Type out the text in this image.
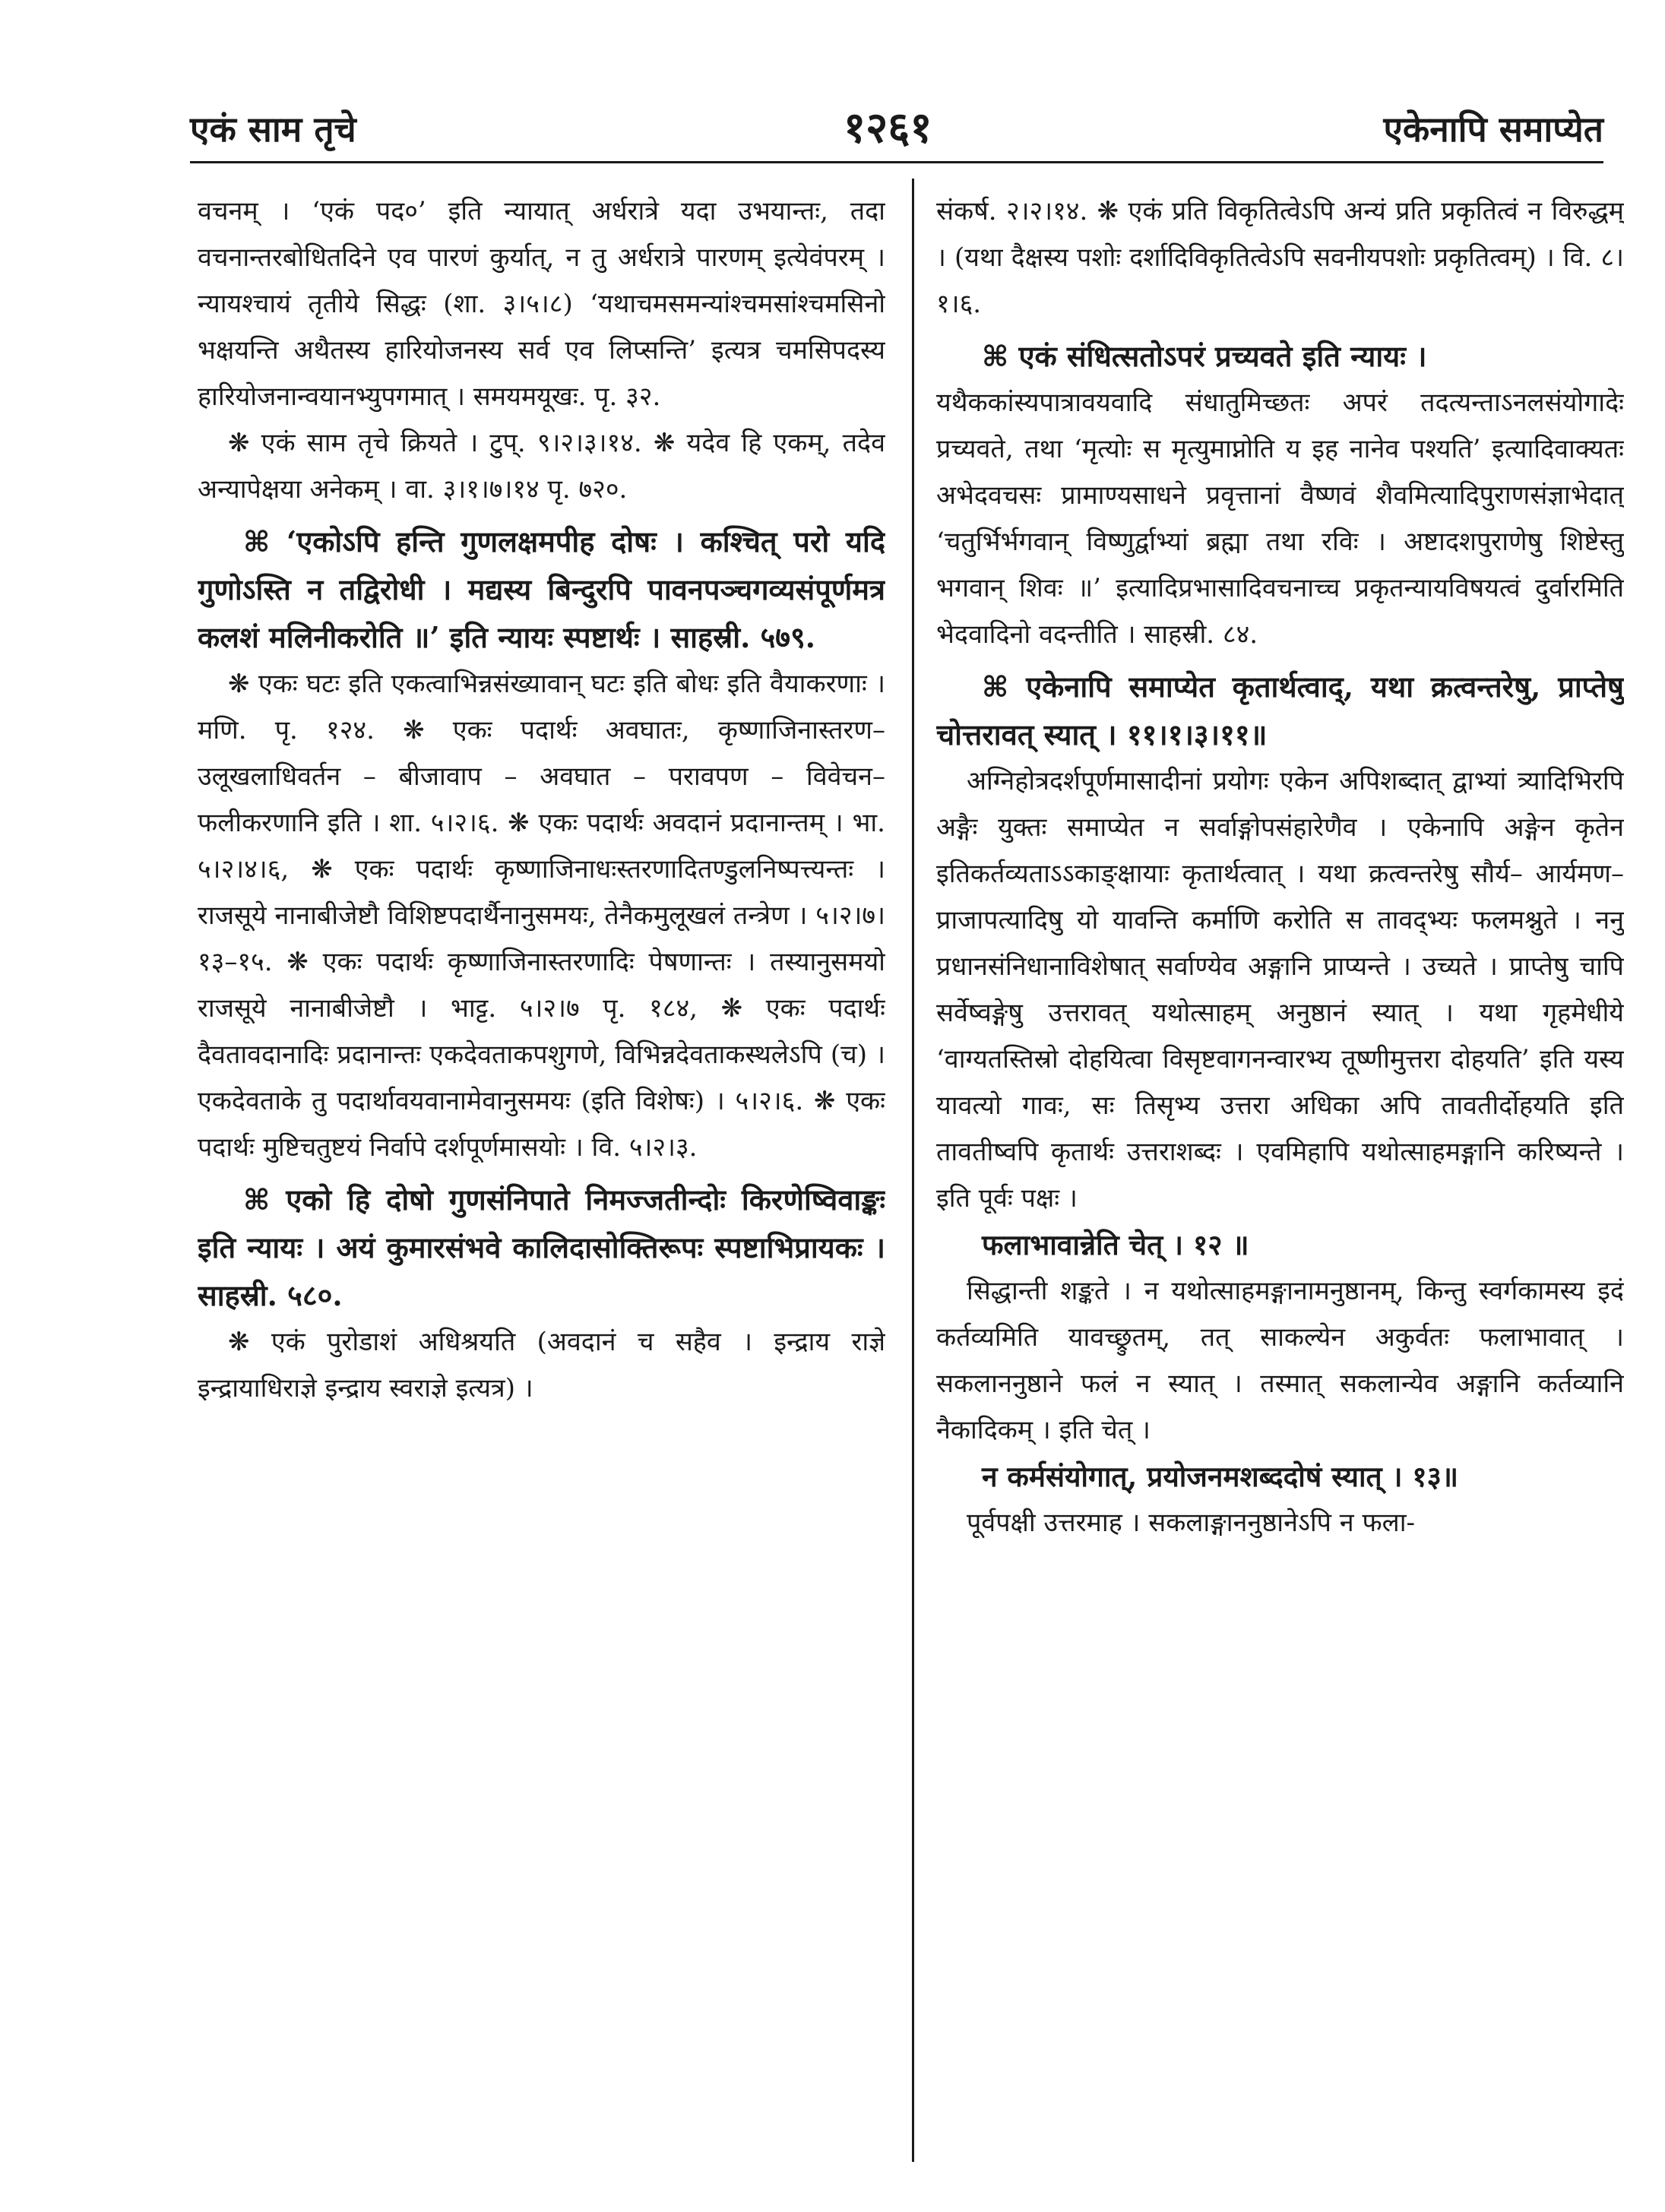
एकं साम तृचे	१२६१	एकेनापि समाप्येत

वचनम् । ‘एकं पद०’ इति न्यायात् अर्धरात्रे यदा उभयान्तः, तदा वचनान्तरबोधितदिने एव पारणं कुर्यात्, न तु अर्धरात्रे पारणम् इत्येवंपरम् । न्यायश्चायं तृतीये सिद्धः (शा. ३।५।८) ‘यथाचमसमन्यांश्चमसांश्चमसिनो भक्षयन्ति अथैतस्य हारियोजनस्य सर्व एव लिप्सन्ति’ इत्यत्र चमसिपदस्य हारियोजनान्वयानभ्युपगमात् । समयमयूखः. पृ. ३२.

❋ एकं साम तृचे क्रियते । टुप्. ९।२।३।१४. ❋ यदेव हि एकम्, तदेव अन्यापेक्षया अनेकम् । वा. ३।१।७।१४ पृ. ७२०.

⌘ ‘एकोऽपि हन्ति गुणलक्षमपीह दोषः । कश्चित् परो यदि गुणोऽस्ति न तद्विरोधी । मद्यस्य बिन्दुरपि पावनपञ्चगव्यसंपूर्णमत्र कलशं मलिनीकरोति ॥’ इति न्यायः स्पष्टार्थः । साहस्री. ५७९.

❋ एकः घटः इति एकत्वाभिन्नसंख्यावान् घटः इति बोधः इति वैयाकरणाः । मणि. पृ. १२४. ❋ एकः पदार्थः अवघातः, कृष्णाजिनास्तरण– उलूखलाधिवर्तन – बीजावाप – अवघात – परावपण – विवेचन– फलीकरणानि इति । शा. ५।२।६. ❋ एकः पदार्थः अवदानं प्रदानान्तम् । भा. ५।२।४।६, ❋ एकः पदार्थः कृष्णाजिनाधःस्तरणादितण्डुलनिष्पत्त्यन्तः । राजसूये नानाबीजेष्टौ विशिष्टपदार्थैनानुसमयः, तेनैकमुलूखलं तन्त्रेण । ५।२।७।१३–१५. ❋ एकः पदार्थः कृष्णाजिनास्तरणादिः पेषणान्तः । तस्यानुसमयो राजसूये नानाबीजेष्टौ । भाट्ट. ५।२।७ पृ. १८४, ❋ एकः पदार्थः दैवतावदानादिः प्रदानान्तः एकदेवताकपशुगणे, विभिन्नदेवताकस्थलेऽपि (च) । एकदेवताके तु पदार्थावयवानामेवानुसमयः (इति विशेषः) । ५।२।६. ❋ एकः पदार्थः मुष्टिचतुष्टयं निर्वापे दर्शपूर्णमासयोः । वि. ५।२।३.

⌘ एको हि दोषो गुणसंनिपाते निमज्जतीन्दोः किरणेष्विवाङ्कः इति न्यायः । अयं कुमारसंभवे कालिदासोक्तिरूपः स्पष्टाभिप्रायकः । साहस्री. ५८०.

❋ एकं पुरोडाशं अधिश्रयति (अवदानं च सहैव । इन्द्राय राज्ञे इन्द्रायाधिराज्ञे इन्द्राय स्वराज्ञे इत्यत्र) ।

संकर्ष. २।२।१४. ❋ एकं प्रति विकृतित्वेऽपि अन्यं प्रति प्रकृतित्वं न विरुद्धम् । (यथा दैक्षस्य पशोः दर्शादिविकृतित्वेऽपि सवनीयपशोः प्रकृतित्वम्) । वि. ८।१।६.

⌘ एकं संधित्सतोऽपरं प्रच्यवते इति न्यायः ।

यथैककांस्यपात्रावयवादि संधातुमिच्छतः अपरं तदत्यन्ताऽनलसंयोगादेः प्रच्यवते, तथा ‘मृत्योः स मृत्युमाप्नोति य इह नानेव पश्यति’ इत्यादिवाक्यतः अभेदवचसः प्रामाण्यसाधने प्रवृत्तानां वैष्णवं शैवमित्यादिपुराणसंज्ञाभेदात् ‘चतुर्भिर्भगवान् विष्णुर्द्वाभ्यां ब्रह्मा तथा रविः । अष्टादशपुराणेषु शिष्टेस्तु भगवान् शिवः ॥’ इत्यादिप्रभासादिवचनाच्च प्रकृतन्यायविषयत्वं दुर्वारमिति भेदवादिनो वदन्तीति । साहस्री. ८४.

⌘ एकेनापि समाप्येत कृतार्थत्वाद्, यथा क्रत्वन्तरेषु, प्राप्तेषु चोत्तरावत् स्यात् । ११।१।३।११॥

अग्निहोत्रदर्शपूर्णमासादीनां प्रयोगः एकेन अपिशब्दात् द्वाभ्यां त्र्यादिभिरपि अङ्गैः युक्तः समाप्येत न सर्वाङ्गोपसंहारेणैव । एकेनापि अङ्गेन कृतेन इतिकर्तव्यताऽऽकाङ्क्षायाः कृतार्थत्वात् । यथा क्रत्वन्तरेषु सौर्य– आर्यमण–प्राजापत्यादिषु यो यावन्ति कर्माणि करोति स तावद्भ्यः फलमश्नुते । ननु प्रधानसंनिधानाविशेषात् सर्वाण्येव अङ्गानि प्राप्यन्ते । उच्यते । प्राप्तेषु चापि सर्वेष्वङ्गेषु उत्तरावत् यथोत्साहम् अनुष्ठानं स्यात् । यथा गृहमेधीये ‘वाग्यतस्तिस्रो दोहयित्वा विसृष्टवागनन्वारभ्य तूष्णीमुत्तरा दोहयति’ इति यस्य यावत्यो गावः, सः तिसृभ्य उत्तरा अधिका अपि तावतीर्दोहयति इति तावतीष्वपि कृतार्थः उत्तराशब्दः । एवमिहापि यथोत्साहमङ्गानि करिष्यन्ते । इति पूर्वः पक्षः ।

फलाभावान्नेति चेत् । १२ ॥

सिद्धान्ती शङ्कते । न यथोत्साहमङ्गानामनुष्ठानम्, किन्तु स्वर्गकामस्य इदं कर्तव्यमिति यावच्छ्रुतम्, तत् साकल्येन अकुर्वतः फलाभावात् । सकलाननुष्ठाने फलं न स्यात् । तस्मात् सकलान्येव अङ्गानि कर्तव्यानि नैकादिकम् । इति चेत् ।

न कर्मसंयोगात्, प्रयोजनमशब्ददोषं स्यात् । १३॥

पूर्वपक्षी उत्तरमाह । सकलाङ्गाननुष्ठानेऽपि न फला-
